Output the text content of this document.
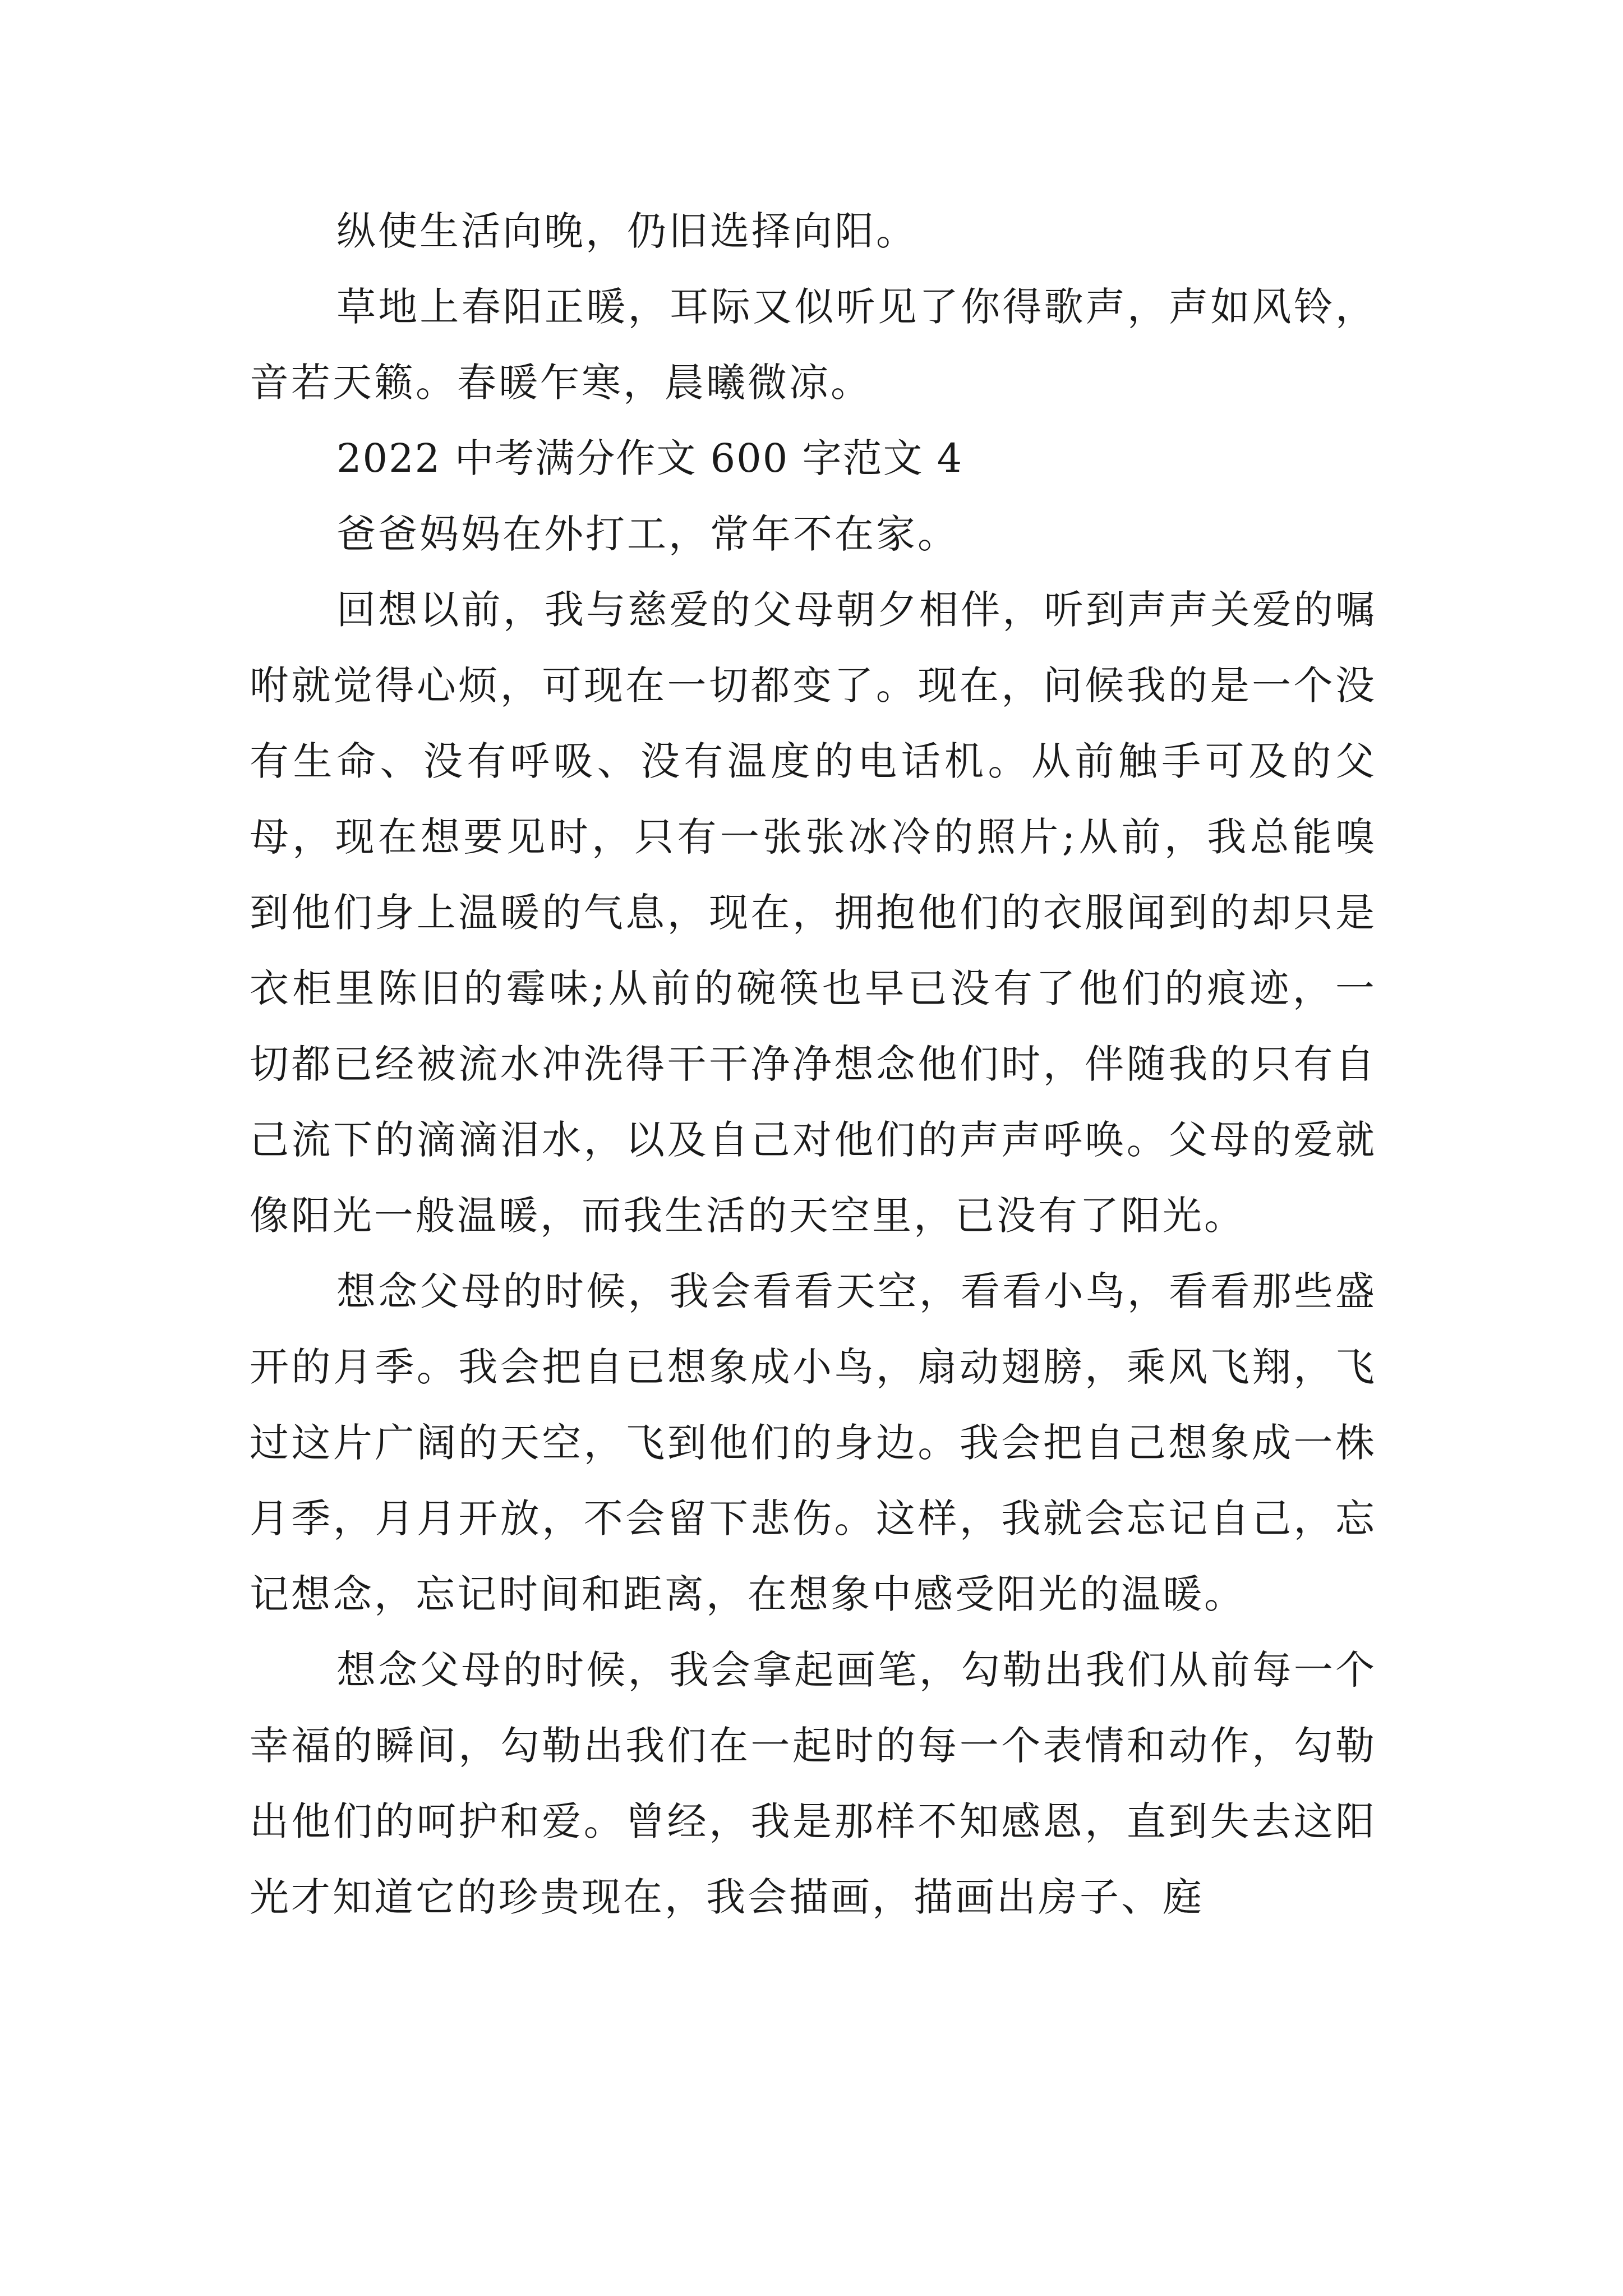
纵使生活向晚，仍旧选择向阳。

草地上春阳正暖，耳际又似听见了你得歌声，声如风铃，音若天籁。春暖乍寒，晨曦微凉。

2022 中考满分作文 600 字范文 4

爸爸妈妈在外打工，常年不在家。

回想以前，我与慈爱的父母朝夕相伴，听到声声关爱的嘱咐就觉得心烦，可现在一切都变了。现在，问候我的是一个没有生命、没有呼吸、没有温度的电话机。从前触手可及的父母，现在想要见时，只有一张张冰冷的照片;从前，我总能嗅到他们身上温暖的气息，现在，拥抱他们的衣服闻到的却只是衣柜里陈旧的霉味;从前的碗筷也早已没有了他们的痕迹，一切都已经被流水冲洗得干干净净想念他们时，伴随我的只有自己流下的滴滴泪水，以及自己对他们的声声呼唤。父母的爱就像阳光一般温暖，而我生活的天空里，已没有了阳光。

想念父母的时候，我会看看天空，看看小鸟，看看那些盛开的月季。我会把自已想象成小鸟，扇动翅膀，乘风飞翔，飞过这片广阔的天空，飞到他们的身边。我会把自己想象成一株月季，月月开放，不会留下悲伤。这样，我就会忘记自己，忘记想念，忘记时间和距离，在想象中感受阳光的温暖。

想念父母的时候，我会拿起画笔，勾勒出我们从前每一个幸福的瞬间，勾勒出我们在一起时的每一个表情和动作，勾勒出他们的呵护和爱。曾经，我是那样不知感恩，直到失去这阳光才知道它的珍贵现在，我会描画，描画出房子、庭
